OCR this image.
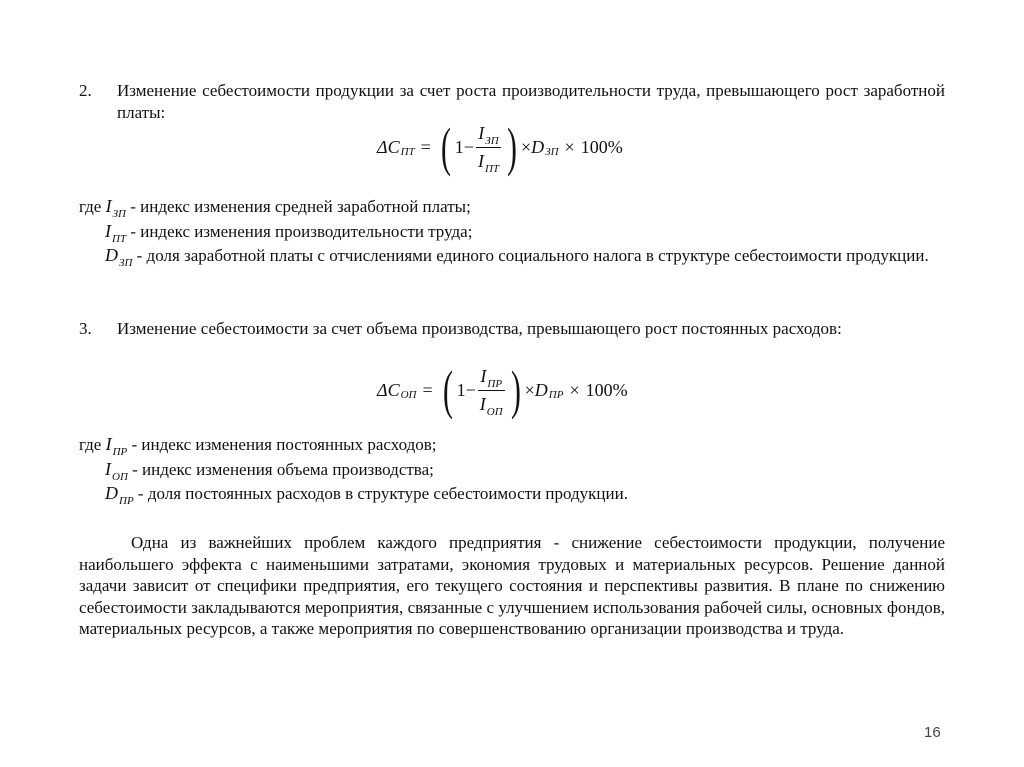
2.	Изменение себестоимости продукции за счет роста производительности труда, превышающего рост заработной платы:
ΔC ПТ = ( $1- \frac{I_{ЗП}}{I_{ПТ}}$ ) × D ЗП × 100%
где $I_{ЗП}$ - индекс изменения средней заработной платы;
$I_{ПТ}$ - индекс изменения производительности труда;
$D_{ЗП}$ - доля заработной платы с отчислениями единого социального налога в структуре себестоимости продукции.
3.	Изменение себестоимости за счет объема производства, превышающего рост постоянных расходов:
ΔC ОП = ( $1- \frac{I_{ПР}}{I_{ОП}}$ ) × D ПР × 100%
где $I_{ПР}$ - индекс изменения постоянных расходов;
$I_{ОП}$ - индекс изменения объема производства;
$D_{ПР}$ - доля постоянных расходов в структуре себестоимости продукции.
Одна из важнейших проблем каждого предприятия - снижение себестоимости продукции, получение наибольшего эффекта с наименьшими затратами, экономия трудовых и материальных ресурсов. Решение данной задачи зависит от специфики предприятия, его текущего состояния и перспективы развития. В плане по снижению себестоимости закладываются мероприятия, связанные с улучшением использования рабочей силы, основных фондов, материальных ресурсов, а также мероприятия по совершенствованию организации производства и труда.
16
